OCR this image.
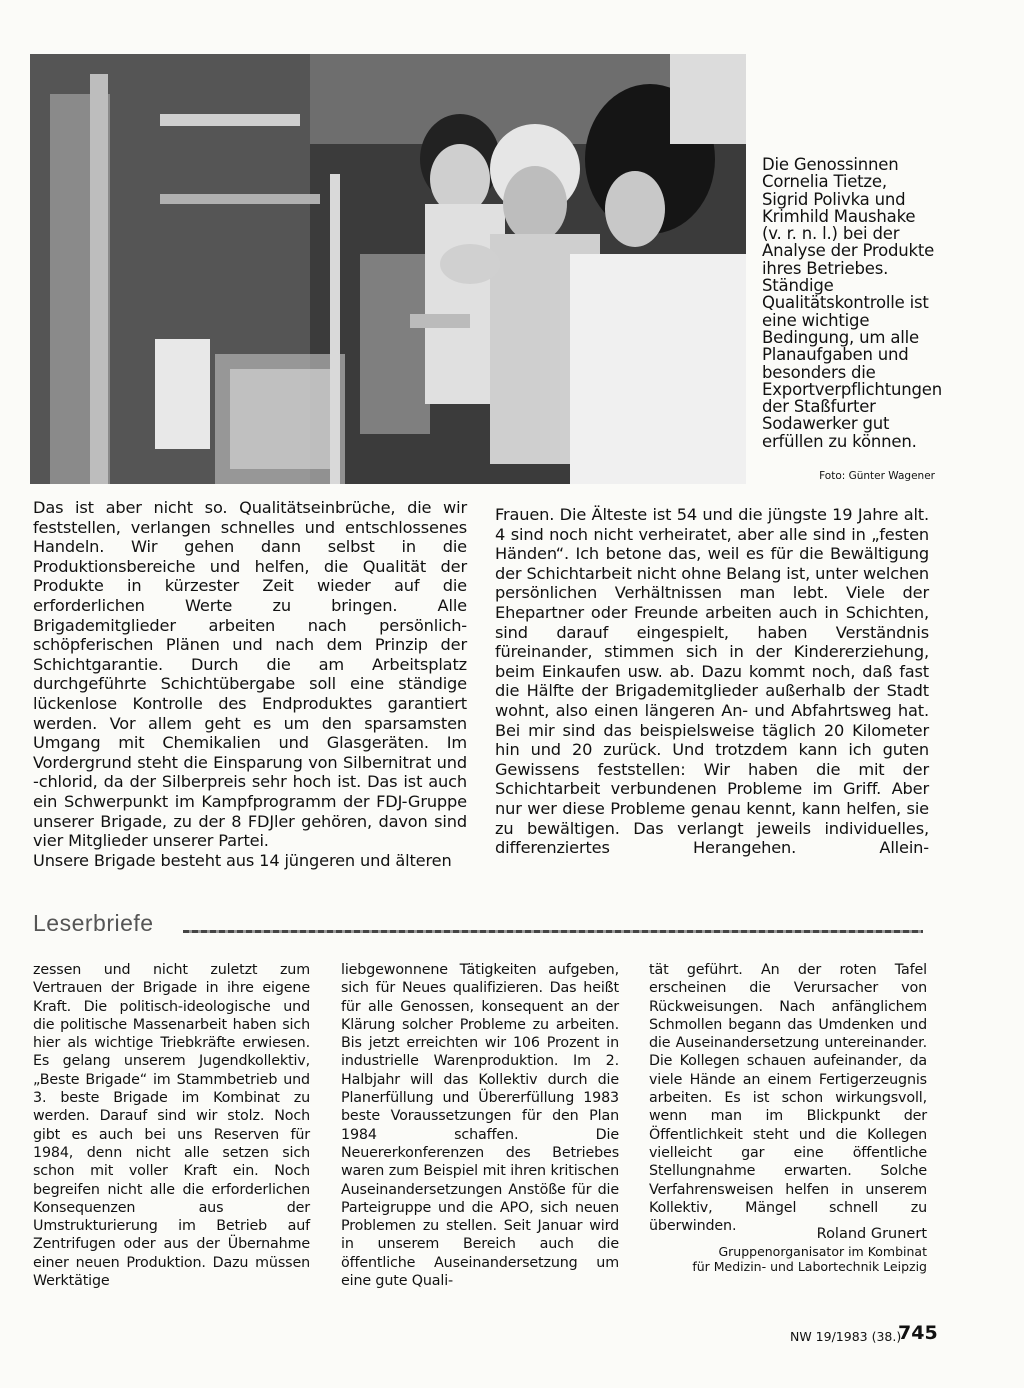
Die Genossinnen Cornelia Tietze, Sigrid Polivka und Krimhild Maushake (v. r. n. l.) bei der Analyse der Produkte ihres Betriebes. Ständige Qualitätskontrolle ist eine wichtige Bedingung, um alle Planaufgaben und besonders die Exportverpflichtungen der Staßfurter Sodawerker gut erfüllen zu können.
Foto: Günter Wagener

Das ist aber nicht so. Qualitätseinbrüche, die wir feststellen, verlangen schnelles und entschlossenes Handeln. Wir gehen dann selbst in die Produktionsbereiche und helfen, die Qualität der Produkte in kürzester Zeit wieder auf die erforderlichen Werte zu bringen. Alle Brigademitglieder arbeiten nach persönlich-schöpferischen Plänen und nach dem Prinzip der Schichtgarantie. Durch die am Arbeitsplatz durchgeführte Schichtübergabe soll eine ständige lückenlose Kontrolle des Endproduktes garantiert werden. Vor allem geht es um den sparsamsten Umgang mit Chemikalien und Glasgeräten. Im Vordergrund steht die Einsparung von Silbernitrat und -chlorid, da der Silberpreis sehr hoch ist. Das ist auch ein Schwerpunkt im Kampfprogramm der FDJ-Gruppe unserer Brigade, zu der 8 FDJler gehören, davon sind vier Mitglieder unserer Partei.

Unsere Brigade besteht aus 14 jüngeren und älteren

Frauen. Die Älteste ist 54 und die jüngste 19 Jahre alt. 4 sind noch nicht verheiratet, aber alle sind in „festen Händen“. Ich betone das, weil es für die Bewältigung der Schichtarbeit nicht ohne Belang ist, unter welchen persönlichen Verhältnissen man lebt. Viele der Ehepartner oder Freunde arbeiten auch in Schichten, sind darauf eingespielt, haben Verständnis füreinander, stimmen sich in der Kindererziehung, beim Einkaufen usw. ab. Dazu kommt noch, daß fast die Hälfte der Brigademitglieder außerhalb der Stadt wohnt, also einen längeren An- und Abfahrtsweg hat. Bei mir sind das beispielsweise täglich 20 Kilometer hin und 20 zurück. Und trotzdem kann ich guten Gewissens feststellen: Wir haben die mit der Schichtarbeit verbundenen Probleme im Griff. Aber nur wer diese Probleme genau kennt, kann helfen, sie zu bewältigen. Das verlangt jeweils individuelles, differenziertes Herangehen. Allein-

Leserbriefe

zessen und nicht zuletzt zum Vertrauen der Brigade in ihre eigene Kraft. Die politisch-ideologische und die politische Massenarbeit haben sich hier als wichtige Triebkräfte erwiesen. Es gelang unserem Jugendkollektiv, „Beste Brigade“ im Stammbetrieb und 3. beste Brigade im Kombinat zu werden. Darauf sind wir stolz. Noch gibt es auch bei uns Reserven für 1984, denn nicht alle setzen sich schon mit voller Kraft ein. Noch begreifen nicht alle die erforderlichen Konsequenzen aus der Umstrukturierung im Betrieb auf Zentrifugen oder aus der Übernahme einer neuen Produktion. Dazu müssen Werktätige

liebgewonnene Tätigkeiten aufgeben, sich für Neues qualifizieren. Das heißt für alle Genossen, konsequent an der Klärung solcher Probleme zu arbeiten. Bis jetzt erreichten wir 106 Prozent in industrielle Warenproduktion. Im 2. Halbjahr will das Kollektiv durch die Planerfüllung und Übererfüllung 1983 beste Voraussetzungen für den Plan 1984 schaffen. Die Neuererkonferenzen des Betriebes waren zum Beispiel mit ihren kritischen Auseinandersetzungen Anstöße für die Parteigruppe und die APO, sich neuen Problemen zu stellen. Seit Januar wird in unserem Bereich auch die öffentliche Auseinandersetzung um eine gute Quali-

tät geführt. An der roten Tafel erscheinen die Verursacher von Rückweisungen. Nach anfänglichem Schmollen begann das Umdenken und die Auseinandersetzung untereinander. Die Kollegen schauen aufeinander, da viele Hände an einem Fertigerzeugnis arbeiten. Es ist schon wirkungsvoll, wenn man im Blickpunkt der Öffentlichkeit steht und die Kollegen vielleicht gar eine öffentliche Stellungnahme erwarten. Solche Verfahrensweisen helfen in unserem Kollektiv, Mängel schnell zu überwinden.	Roland Grunert
Gruppenorganisator im Kombinat
für Medizin- und Labortechnik Leipzig
NW 19/1983 (38.)
745
